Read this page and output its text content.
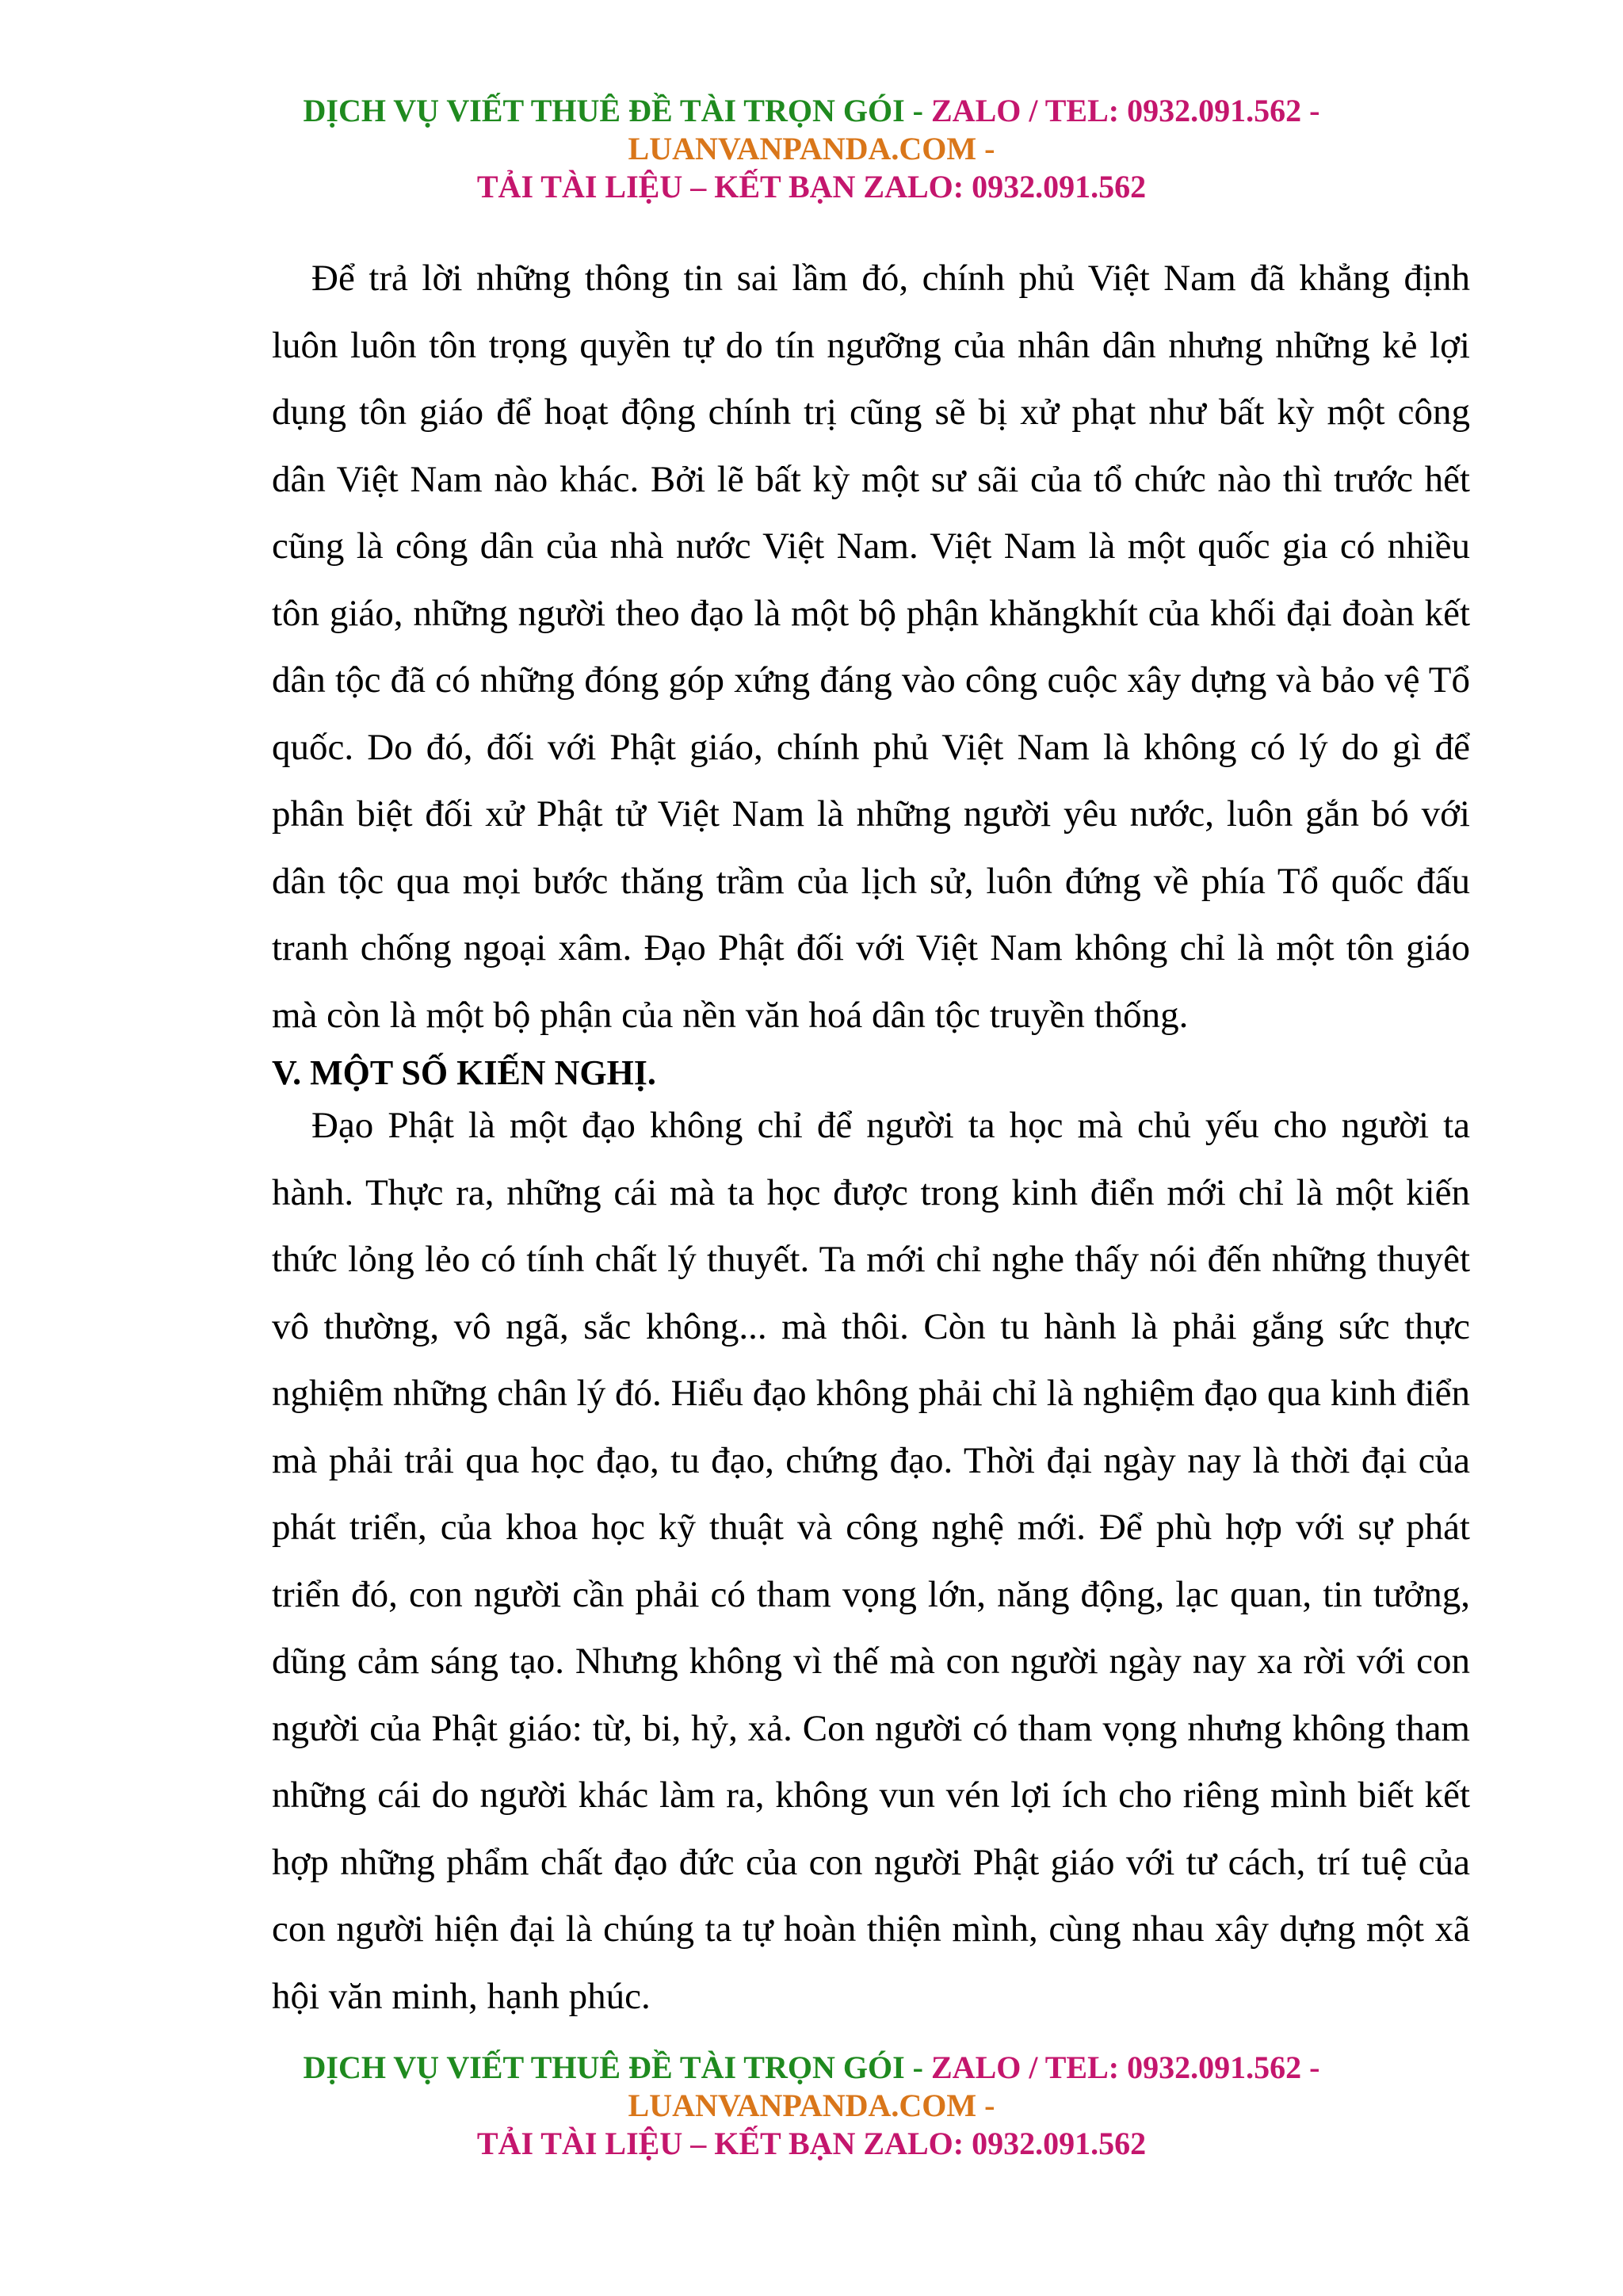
DỊCH VỤ VIẾT THUÊ ĐỀ TÀI TRỌN GÓI - ZALO / TEL: 0932.091.562 -
LUANVANPANDA.COM -
TẢI TÀI LIỆU – KẾT BẠN ZALO: 0932.091.562

Để trả lời những thông tin sai lầm đó, chính phủ Việt Nam đã khẳng định luôn luôn tôn trọng quyền tự do tín ngưỡng của nhân dân nhưng những kẻ lợi dụng tôn giáo để hoạt động chính trị cũng sẽ bị xử phạt như bất kỳ một công dân Việt Nam nào khác. Bởi lẽ bất kỳ một sư sãi của tổ chức nào thì trước hết cũng là công dân của nhà nước Việt Nam. Việt Nam là một quốc gia có nhiều tôn giáo, những người theo đạo là một bộ phận khăngkhít của khối đại đoàn kết dân tộc đã có những đóng góp xứng đáng vào công cuộc xây dựng và bảo vệ Tổ quốc. Do đó, đối với Phật giáo, chính phủ Việt Nam là không có lý do gì để phân biệt đối xử Phật tử Việt Nam là những người yêu nước, luôn gắn bó với dân tộc qua mọi bước thăng trầm của lịch sử, luôn đứng về phía Tổ quốc đấu tranh chống ngoại xâm. Đạo Phật đối với Việt Nam không chỉ là một tôn giáo mà còn là một bộ phận của nền văn hoá dân tộc truyền thống.

V. MỘT SỐ KIẾN NGHỊ.

Đạo Phật là một đạo không chỉ để người ta học mà chủ yếu cho người ta hành. Thực ra, những cái mà ta học được trong kinh điển mới chỉ là một kiến thức lỏng lẻo có tính chất lý thuyết. Ta mới chỉ nghe thấy nói đến những thuyêt vô thường, vô ngã, sắc không... mà thôi. Còn tu hành là phải gắng sức thực nghiệm những chân lý đó. Hiểu đạo không phải chỉ là nghiệm đạo qua kinh điển mà phải trải qua học đạo, tu đạo, chứng đạo. Thời đại ngày nay là thời đại của phát triển, của khoa học kỹ thuật và công nghệ mới. Để phù hợp với sự phát triển đó, con người cần phải có tham vọng lớn, năng động, lạc quan, tin tưởng, dũng cảm sáng tạo. Nhưng không vì thế mà con người ngày nay xa rời với con người của Phật giáo: từ, bi, hỷ, xả. Con người có tham vọng nhưng không tham những cái do người khác làm ra, không vun vén lợi ích cho riêng mình biết kết hợp những phẩm chất đạo đức của con người Phật giáo với tư cách, trí tuệ của con người hiện đại là chúng ta tự hoàn thiện mình, cùng nhau xây dựng một xã hội văn minh, hạnh phúc.

DỊCH VỤ VIẾT THUÊ ĐỀ TÀI TRỌN GÓI - ZALO / TEL: 0932.091.562 -
LUANVANPANDA.COM -
TẢI TÀI LIỆU – KẾT BẠN ZALO: 0932.091.562
